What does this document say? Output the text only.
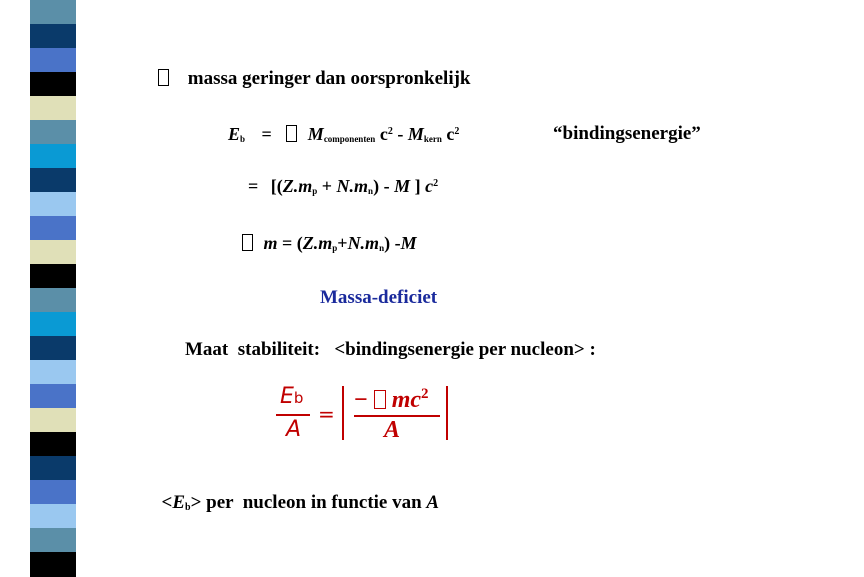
massa geringer dan oorspronkelijk
$E_b = M_{componenten}$ $c^2 - M_{kern}$ $c^2$	“bindingsenergie”
= [$(Z.m_p + N.m_n) - M$ ] $c^2$
$m = (Z.m_p+N.m_n)$ -M
Massa-deficiet
Maat  stabiliteit:   <bindingsenergie per nucleon> :
Eb
A
=
− $mc^2$
A

$<E_b>$ per  nucleon in functie van A
